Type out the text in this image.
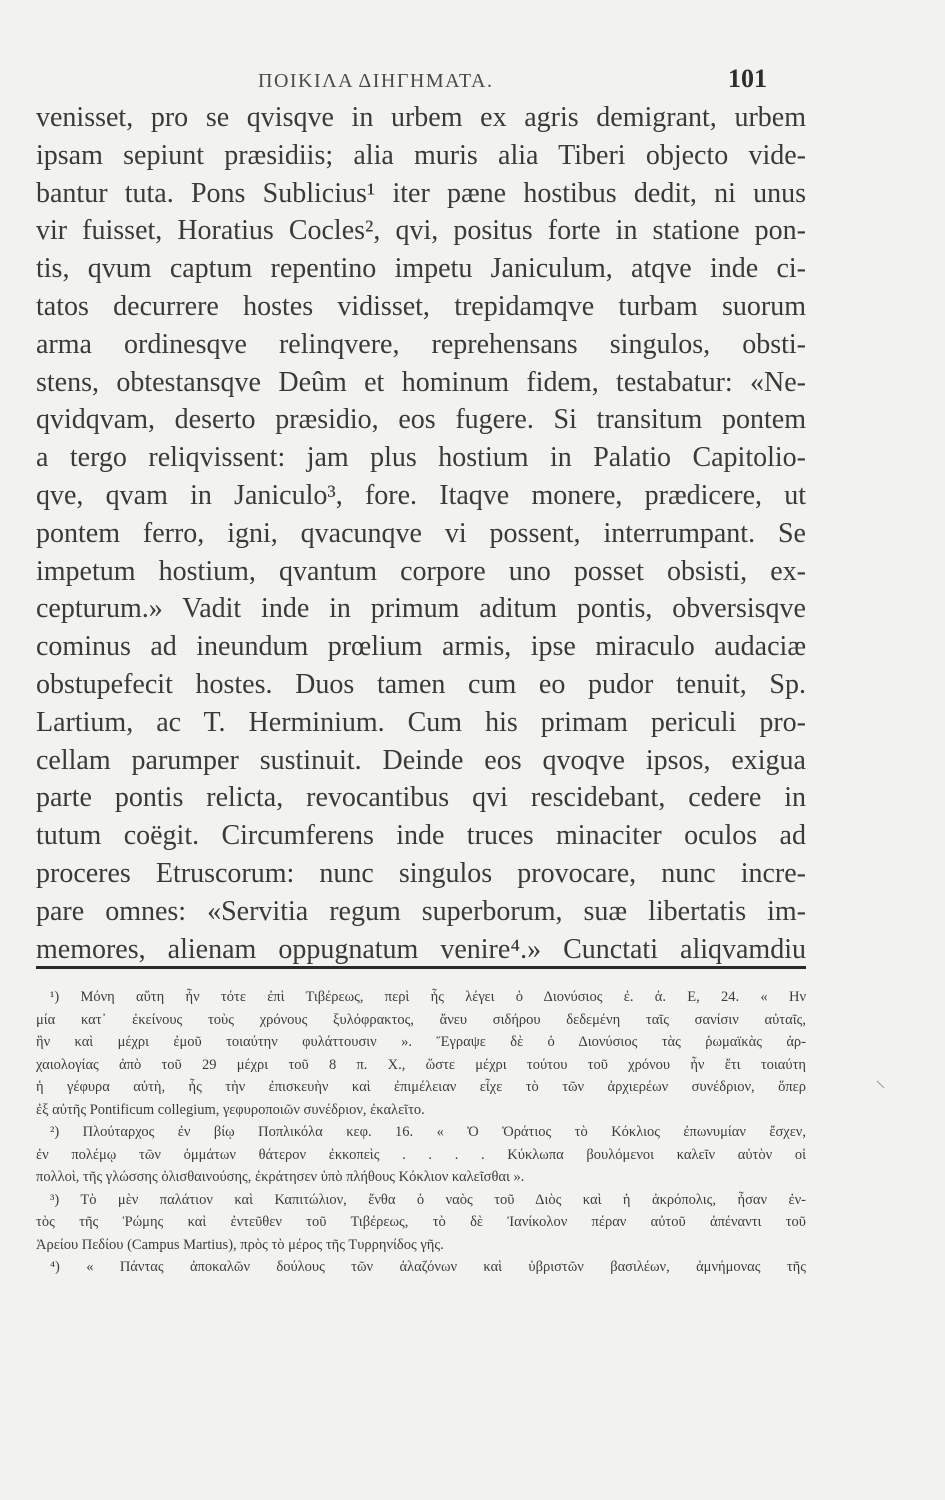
ΠΟΙΚΙΛΑ ΔΙΗΓΗΜΑΤΑ.	101
venisset, pro se qvisqve in urbem ex agris demigrant, urbem
ipsam sepiunt præsidiis; alia muris alia Tiberi objecto vide-
bantur tuta. Pons Sublicius¹ iter pæne hostibus dedit, ni unus
vir fuisset, Horatius Cocles², qvi, positus forte in statione pon-
tis, qvum captum repentino impetu Janiculum, atqve inde ci-
tatos decurrere hostes vidisset, trepidamqve turbam suorum
arma ordinesqve relinqvere, reprehensans singulos, obsti-
stens, obtestansqve Deûm et hominum fidem, testabatur: «Ne-
qvidqvam, deserto præsidio, eos fugere. Si transitum pontem
a tergo reliqvissent: jam plus hostium in Palatio Capitolio-
qve, qvam in Janiculo³, fore. Itaqve monere, prædicere, ut
pontem ferro, igni, qvacunqve vi possent, interrumpant. Se
impetum hostium, qvantum corpore uno posset obsisti, ex-
cepturum.» Vadit inde in primum aditum pontis, obversisqve
cominus ad ineundum prœlium armis, ipse miraculo audaciæ
obstupefecit hostes. Duos tamen cum eo pudor tenuit, Sp.
Lartium, ac T. Herminium. Cum his primam periculi pro-
cellam parumper sustinuit. Deinde eos qvoqve ipsos, exigua
parte pontis relicta, revocantibus qvi rescidebant, cedere in
tutum coëgit. Circumferens inde truces minaciter oculos ad
proceres Etruscorum: nunc singulos provocare, nunc incre-
pare omnes: «Servitia regum superborum, suæ libertatis im-
memores, alienam oppugnatum venire⁴.» Cunctati aliqvamdiu
¹) Μόνη αὕτη ἦν τότε ἐπὶ Τιβέρεως, περὶ ἧς λέγει ὁ Διονύσιος ἐ. ἀ. Ε, 24. « Ην
μία κατ᾽ ἐκείνους τοὺς χρόνους ξυλόφρακτος, ἄνευ σιδήρου δεδεμένη ταῖς σανίσιν αὐταῖς,
ἣν καὶ μέχρι ἐμοῦ τοιαύτην φυλάττουσιν ». Ἔγραψε δὲ ὁ Διονύσιος τὰς ῥωμαϊκὰς ἀρ-
χαιολογίας ἀπὸ τοῦ 29 μέχρι τοῦ 8 π. Χ., ὥστε μέχρι τούτου τοῦ χρόνου ἦν ἔτι τοιαύτη
ἡ γέφυρα αὐτὴ, ἧς τὴν ἐπισκευὴν καὶ ἐπιμέλειαν εἶχε τὸ τῶν ἀρχιερέων συνέδριον, ὅπερ
ἐξ αὐτῆς Pontificum collegium, γεφυροποιῶν συνέδριον, ἐκαλεῖτο.
²) Πλούταρχος ἐν βίῳ Ποπλικόλα κεφ. 16. « Ὁ Ὁράτιος τὸ Κόκλιος ἐπωνυμίαν ἔσχεν,
ἐν πολέμῳ τῶν ὀμμάτων θάτερον ἐκκοπεὶς . . . . Κύκλωπα βουλόμενοι καλεῖν αὐτὸν οἱ
πολλοὶ, τῆς γλώσσης ὀλισθαινούσης, ἐκράτησεν ὑπὸ πλήθους Κόκλιον καλεῖσθαι ».
³) Τὸ μὲν παλάτιον καὶ Καπιτώλιον, ἔνθα ὁ ναὸς τοῦ Διὸς καὶ ἡ ἀκρόπολις, ἦσαν ἐν-
τὸς τῆς Ῥώμης καὶ ἐντεῦθεν τοῦ Τιβέρεως, τὸ δὲ Ἰανίκολον πέραν αὐτοῦ ἀπέναντι τοῦ
Ἀρείου Πεδίου (Campus Martius), πρὸς τὸ μέρος τῆς Τυρρηνίδος γῆς.
⁴) « Πάντας ἀποκαλῶν δούλους τῶν ἀλαζόνων καὶ ὑβριστῶν βασιλέων, ἀμνήμονας τῆς
